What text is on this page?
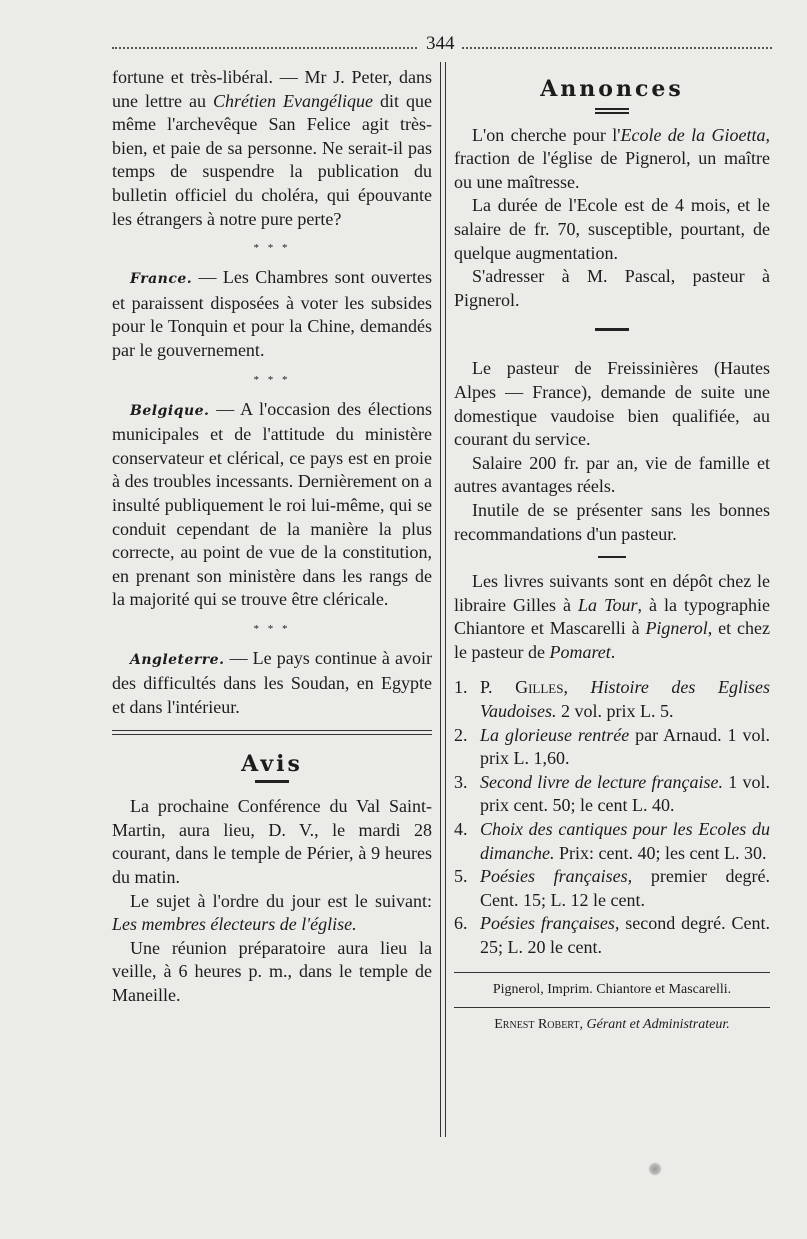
344

fortune et très-libéral. — Mr J. Peter, dans une lettre au Chrétien Evangélique dit que même l'archevêque San Felice agit très-bien, et paie de sa personne. Ne serait-il pas temps de suspendre la publication du bulletin officiel du choléra, qui épouvante les étrangers à notre pure perte?

* * *

France. — Les Chambres sont ouvertes et paraissent disposées à voter les subsides pour le Tonquin et pour la Chine, demandés par le gouvernement.

* * *

Belgique. — A l'occasion des élections municipales et de l'attitude du ministère conservateur et clérical, ce pays est en proie à des troubles incessants. Dernièrement on a insulté publiquement le roi lui-même, qui se conduit cependant de la manière la plus correcte, au point de vue de la constitution, en prenant son ministère dans les rangs de la majorité qui se trouve être cléricale.

* * *

Angleterre. — Le pays continue à avoir des difficultés dans les Soudan, en Egypte et dans l'intérieur.

Avis

La prochaine Conférence du Val Saint-Martin, aura lieu, D. V., le mardi 28 courant, dans le temple de Périer, à 9 heures du matin.

Le sujet à l'ordre du jour est le suivant: Les membres électeurs de l'église.

Une réunion préparatoire aura lieu la veille, à 6 heures p. m., dans le temple de Maneille.

Annonces

L'on cherche pour l'Ecole de la Gioetta, fraction de l'église de Pignerol, un maître ou une maîtresse.

La durée de l'Ecole est de 4 mois, et le salaire de fr. 70, susceptible, pourtant, de quelque augmentation.

S'adresser à M. Pascal, pasteur à Pignerol.

Le pasteur de Freissinières (Hautes Alpes — France), demande de suite une domestique vaudoise bien qualifiée, au courant du service.

Salaire 200 fr. par an, vie de famille et autres avantages réels.

Inutile de se présenter sans les bonnes recommandations d'un pasteur.

Les livres suivants sont en dépôt chez le libraire Gilles à La Tour, à la typographie Chiantore et Mascarelli à Pignerol, et chez le pasteur de Pomaret.

1. P. Gilles, Histoire des Eglises Vaudoises. 2 vol. prix L. 5.
2. La glorieuse rentrée par Arnaud. 1 vol. prix L. 1,60.
3. Second livre de lecture française. 1 vol. prix cent. 50; le cent L. 40.
4. Choix des cantiques pour les Ecoles du dimanche. Prix: cent. 40; les cent L. 30.
5. Poésies françaises, premier degré. Cent. 15; L. 12 le cent.
6. Poésies françaises, second degré. Cent. 25; L. 20 le cent.

Pignerol, Imprim. Chiantore et Mascarelli.

Ernest Robert, Gérant et Administrateur.
